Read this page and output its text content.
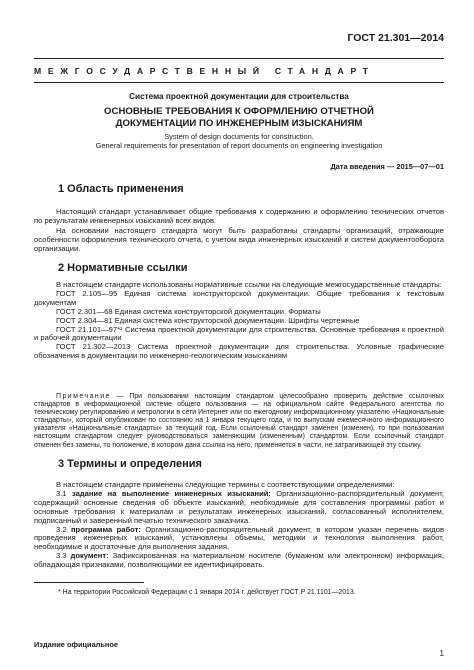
ГОСТ 21.301—2014
МЕЖГОСУДАРСТВЕННЫЙ СТАНДАРТ
Система проектной документации для строительства
ОСНОВНЫЕ ТРЕБОВАНИЯ К ОФОРМЛЕНИЮ ОТЧЕТНОЙ
ДОКУМЕНТАЦИИ ПО ИНЖЕНЕРНЫМ ИЗЫСКАНИЯМ
System of design documents for construction.
General requirements for presentation of report documents on engineering investigation
Дата введения — 2015—07—01
1 Область применения

Настоящий стандарт устанавливает общие требования к содержанию и оформлению технических отчетов по результатам инженерных изысканий всех видов.

На основании настоящего стандарта могут быть разработаны стандарты организаций, отражающие особенности оформления технического отчета, с учетом вида инженерных изысканий и систем документооборота организации.

2 Нормативные ссылки

В настоящем стандарте использованы нормативные ссылки на следующие межгосударственные стандарты:

ГОСТ 2.105—95 Единая система конструкторской документации. Общие требования к текстовым документам

ГОСТ 2.301—68 Единая система конструкторской документации. Форматы

ГОСТ 2.304—81 Единая система конструкторской документации. Шрифты чертежные

ГОСТ 21.101—97*¹ Система проектной документации для строительства. Основные требования к проектной и рабочей документации

ГОСТ 21.302—2013 Система проектной документации для строительства. Условные графические обозначения в документации по инженерно-геологическим изысканиям

Примечание — При пользовании настоящим стандартом целесообразно проверить действие ссылочных стандартов в информационной системе общего пользования — на официальном сайте Федерального агентства по техническому регулированию и метрологии в сети Интернет или по ежегодному информационному указателю «Национальные стандарты», который опубликован по состоянию на 1 января текущего года, и по выпускам ежемесячного информационного указателя «Национальные стандарты» за текущий год. Если ссылочный стандарт заменен (изменен), то при пользовании настоящим стандартом следует руководствоваться заменяющим (измененным) стандартом. Если ссылочный стандарт отменен без замены, то положение, в котором дана ссылка на него, применяется в части, не затрагивающей эту ссылку.

3 Термины и определения

В настоящем стандарте применены следующие термины с соответствующими определениями:

3.1 задание на выполнение инженерных изысканий: Организационно-распорядительный документ, содержащий основные сведения об объекте изысканий, необходимые для составления программы работ и основные требования к материалам и результатам инженерных изысканий, согласованный исполнителем, подписанный и заверенный печатью технического заказчика.

3.2 программа работ: Организационно-распорядительный документ, в котором указан перечень видов проведения инженерных изысканий, установлены объемы, методики и технология выполнения работ, необходимые и достаточные для выполнения задания.

3.3 документ: Зафиксированная на материальном носителе (бумажном или электронном) информация, обладающая признаками, позволяющими ее идентифицировать.

* На территории Российской Федерации с 1 января 2014 г. действует ГОСТ Р 21.1101—2013.
Издание официальное
1
